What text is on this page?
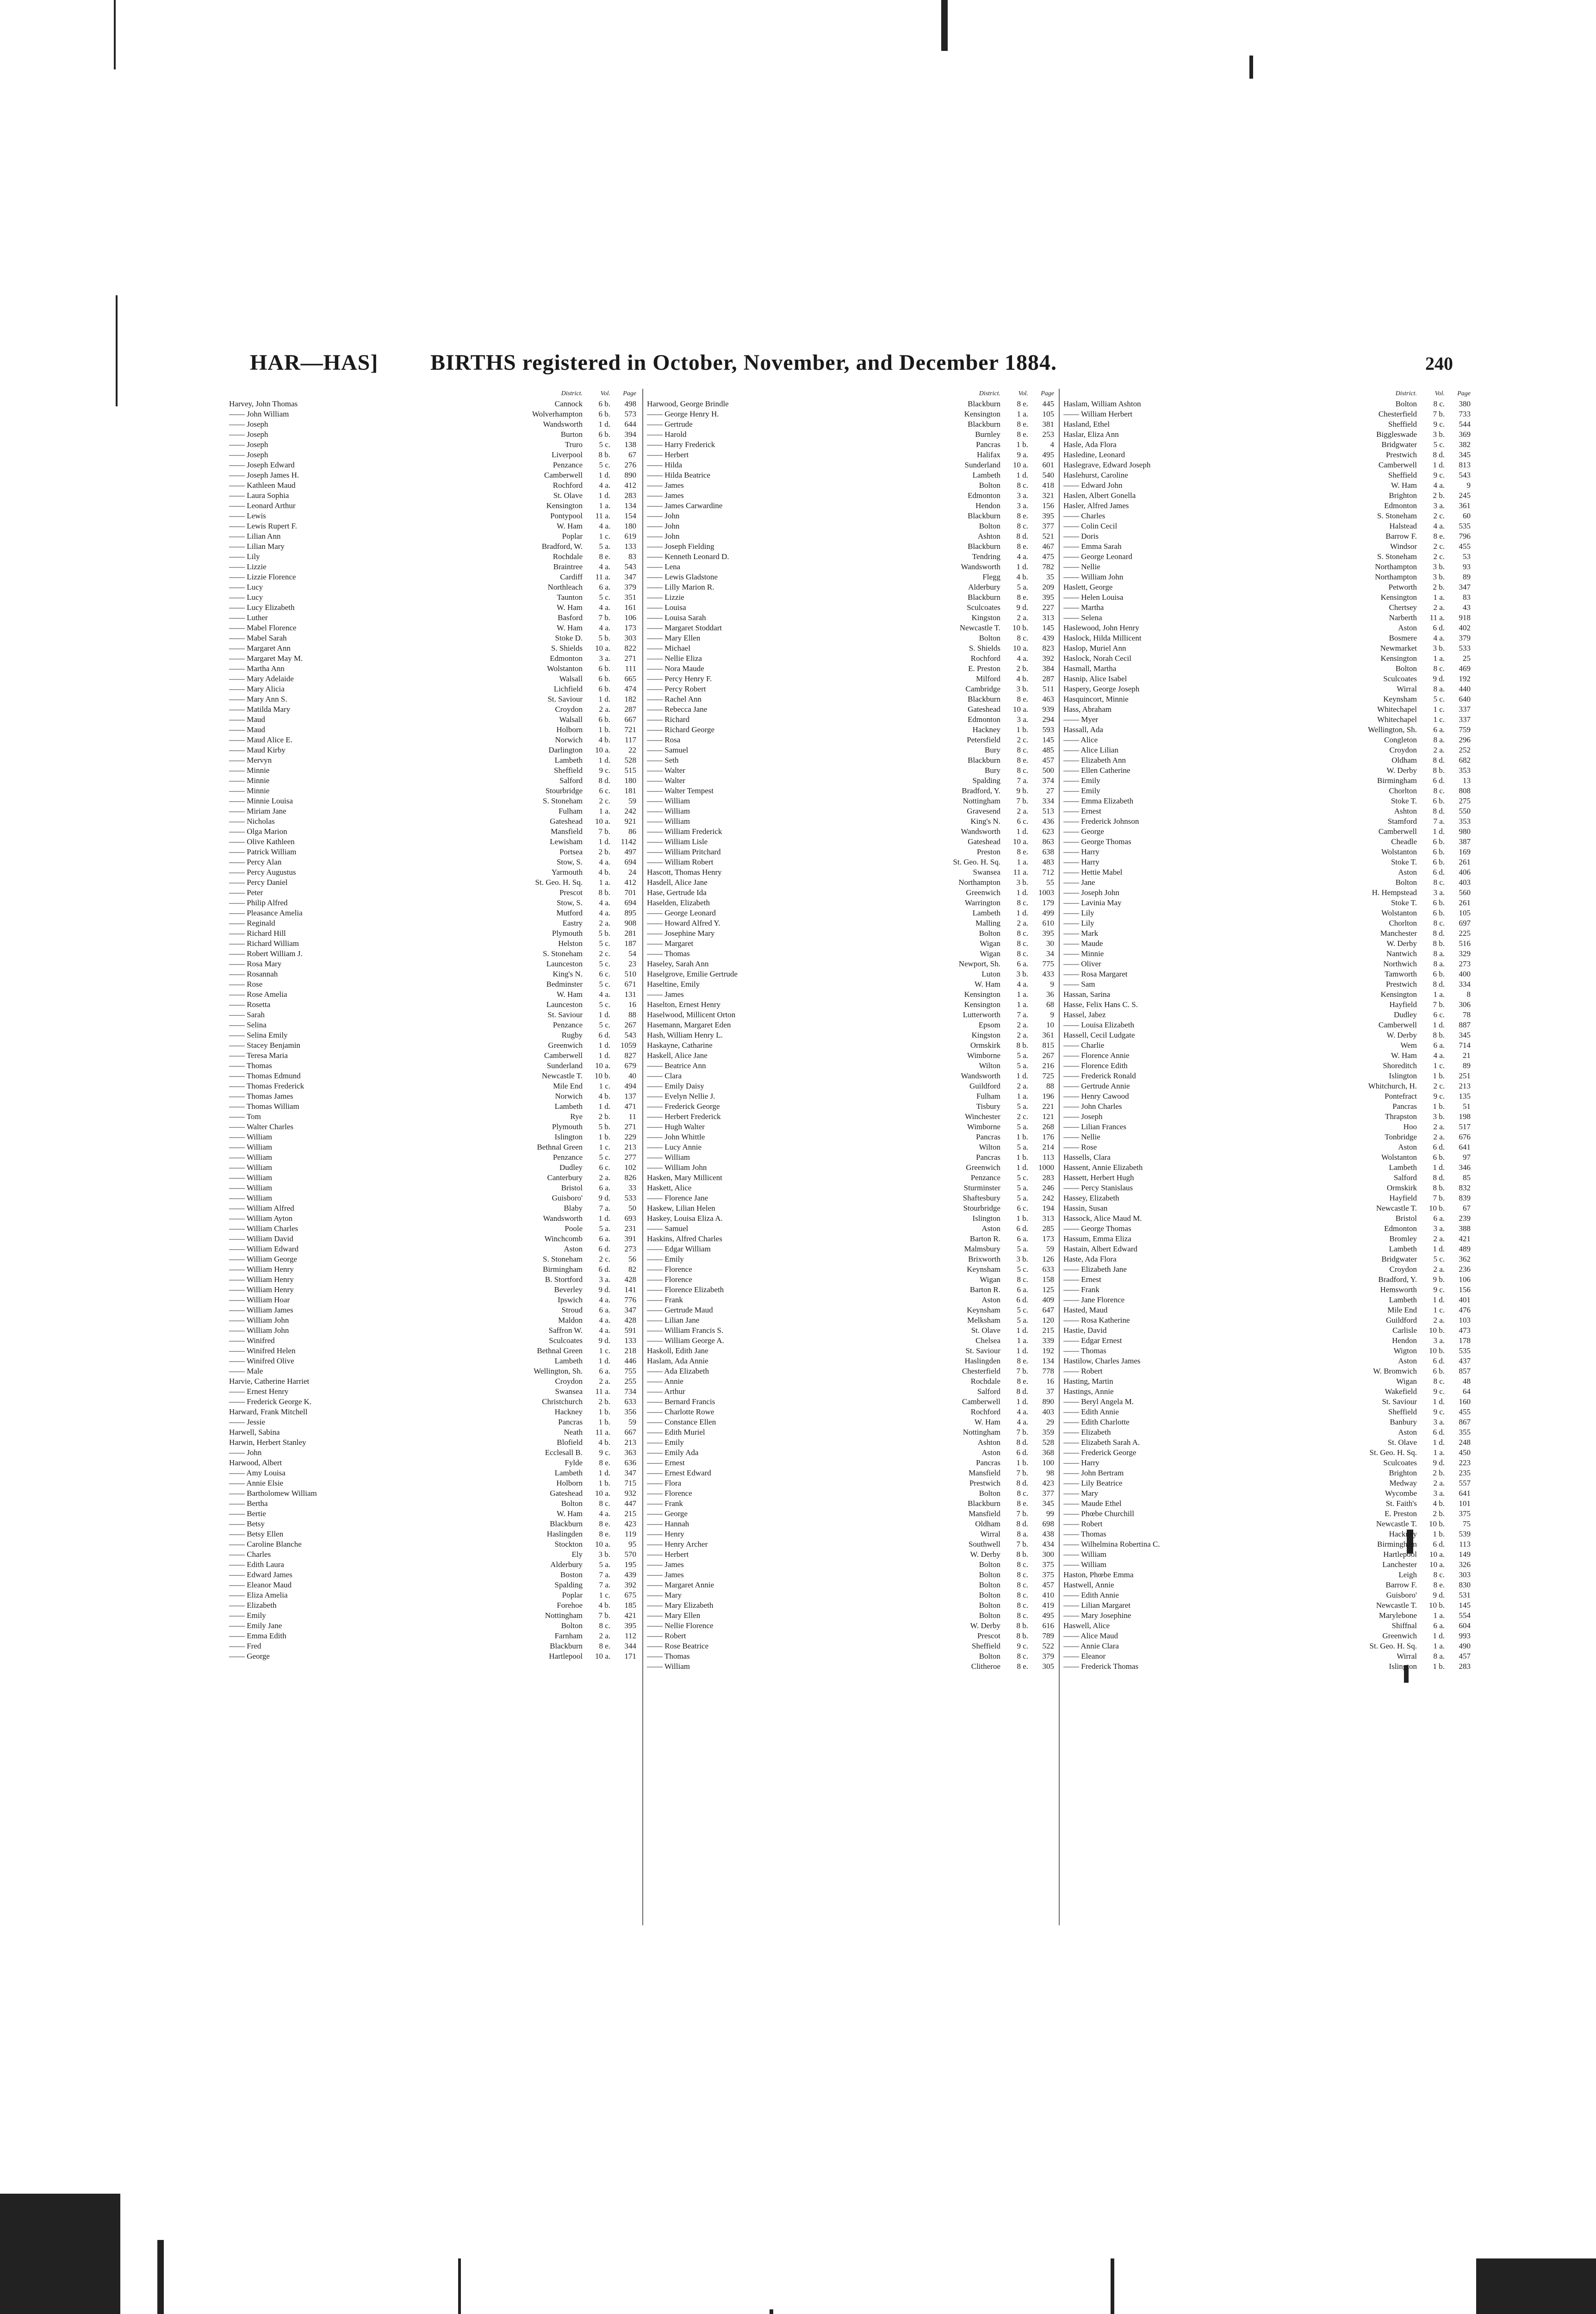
HAR—HAS] BIRTHS registered in October, November, and December 1884.	240
District.	Vol.	Page
Harvey, John Thomas	Cannock	6 b.	498
—— John William	Wolverhampton	6 b.	573
—— Joseph	Wandsworth	1 d.	644
—— Joseph	Burton	6 b.	394
—— Joseph	Truro	5 c.	138
—— Joseph	Liverpool	8 b.	67
—— Joseph Edward	Penzance	5 c.	276
—— Joseph James H.	Camberwell	1 d.	890
—— Kathleen Maud	Rochford	4 a.	412
—— Laura Sophia	St. Olave	1 d.	283
—— Leonard Arthur	Kensington	1 a.	134
—— Lewis	Pontypool	11 a.	154
—— Lewis Rupert F.	W. Ham	4 a.	180
—— Lilian Ann	Poplar	1 c.	619
—— Lilian Mary	Bradford, W.	5 a.	133
—— Lily	Rochdale	8 e.	83
—— Lizzie	Braintree	4 a.	543
—— Lizzie Florence	Cardiff	11 a.	347
—— Lucy	Northleach	6 a.	379
—— Lucy	Taunton	5 c.	351
—— Lucy Elizabeth	W. Ham	4 a.	161
—— Luther	Basford	7 b.	106
—— Mabel Florence	W. Ham	4 a.	173
—— Mabel Sarah	Stoke D.	5 b.	303
—— Margaret Ann	S. Shields	10 a.	822
—— Margaret May M.	Edmonton	3 a.	271
—— Martha Ann	Wolstanton	6 b.	111
—— Mary Adelaide	Walsall	6 b.	665
—— Mary Alicia	Lichfield	6 b.	474
—— Mary Ann S.	St. Saviour	1 d.	182
—— Matilda Mary	Croydon	2 a.	287
—— Maud	Walsall	6 b.	667
—— Maud	Holborn	1 b.	721
—— Maud Alice E.	Norwich	4 b.	117
—— Maud Kirby	Darlington	10 a.	22
—— Mervyn	Lambeth	1 d.	528
—— Minnie	Sheffield	9 c.	515
—— Minnie	Salford	8 d.	180
—— Minnie	Stourbridge	6 c.	181
—— Minnie Louisa	S. Stoneham	2 c.	59
—— Miriam Jane	Fulham	1 a.	242
—— Nicholas	Gateshead	10 a.	921
—— Olga Marion	Mansfield	7 b.	86
—— Olive Kathleen	Lewisham	1 d.	1142
—— Patrick William	Portsea	2 b.	497
—— Percy Alan	Stow, S.	4 a.	694
—— Percy Augustus	Yarmouth	4 b.	24
—— Percy Daniel	St. Geo. H. Sq.	1 a.	412
—— Peter	Prescot	8 b.	701
—— Philip Alfred	Stow, S.	4 a.	694
—— Pleasance Amelia	Mutford	4 a.	895
—— Reginald	Eastry	2 a.	908
—— Richard Hill	Plymouth	5 b.	281
—— Richard William	Helston	5 c.	187
—— Robert William J.	S. Stoneham	2 c.	54
—— Rosa Mary	Launceston	5 c.	23
—— Rosannah	King's N.	6 c.	510
—— Rose	Bedminster	5 c.	671
—— Rose Amelia	W. Ham	4 a.	131
—— Rosetta	Launceston	5 c.	16
—— Sarah	St. Saviour	1 d.	88
—— Selina	Penzance	5 c.	267
—— Selina Emily	Rugby	6 d.	543
—— Stacey Benjamin	Greenwich	1 d.	1059
—— Teresa Maria	Camberwell	1 d.	827
—— Thomas	Sunderland	10 a.	679
—— Thomas Edmund	Newcastle T.	10 b.	40
—— Thomas Frederick	Mile End	1 c.	494
—— Thomas James	Norwich	4 b.	137
—— Thomas William	Lambeth	1 d.	471
—— Tom	Rye	2 b.	11
—— Walter Charles	Plymouth	5 b.	271
—— William	Islington	1 b.	229
—— William	Bethnal Green	1 c.	213
—— William	Penzance	5 c.	277
—— William	Dudley	6 c.	102
—— William	Canterbury	2 a.	826
—— William	Bristol	6 a.	33
—— William	Guisboro'	9 d.	533
—— William Alfred	Blaby	7 a.	50
—— William Ayton	Wandsworth	1 d.	693
—— William Charles	Poole	5 a.	231
—— William David	Winchcomb	6 a.	391
—— William Edward	Aston	6 d.	273
—— William George	S. Stoneham	2 c.	56
—— William Henry	Birmingham	6 d.	82
—— William Henry	B. Stortford	3 a.	428
—— William Henry	Beverley	9 d.	141
—— William Hoar	Ipswich	4 a.	776
—— William James	Stroud	6 a.	347
—— William John	Maldon	4 a.	428
—— William John	Saffron W.	4 a.	591
—— Winifred	Sculcoates	9 d.	133
—— Winifred Helen	Bethnal Green	1 c.	218
—— Winifred Olive	Lambeth	1 d.	446
—— Male	Wellington, Sh.	6 a.	755
Harvie, Catherine Harriet	Croydon	2 a.	255
—— Ernest Henry	Swansea	11 a.	734
—— Frederick George K.	Christchurch	2 b.	633
Harward, Frank Mitchell	Hackney	1 b.	356
—— Jessie	Pancras	1 b.	59
Harwell, Sabina	Neath	11 a.	667
Harwin, Herbert Stanley	Blofield	4 b.	213
—— John	Ecclesall B.	9 c.	363
Harwood, Albert	Fylde	8 e.	636
—— Amy Louisa	Lambeth	1 d.	347
—— Annie Elsie	Holborn	1 b.	715
—— Bartholomew William	Gateshead	10 a.	932
—— Bertha	Bolton	8 c.	447
—— Bertie	W. Ham	4 a.	215
—— Betsy	Blackburn	8 e.	423
—— Betsy Ellen	Haslingden	8 e.	119
—— Caroline Blanche	Stockton	10 a.	95
—— Charles	Ely	3 b.	570
—— Edith Laura	Alderbury	5 a.	195
—— Edward James	Boston	7 a.	439
—— Eleanor Maud	Spalding	7 a.	392
—— Eliza Amelia	Poplar	1 c.	675
—— Elizabeth	Forehoe	4 b.	185
—— Emily	Nottingham	7 b.	421
—— Emily Jane	Bolton	8 c.	395
—— Emma Edith	Farnham	2 a.	112
—— Fred	Blackburn	8 e.	344
—— George	Hartlepool	10 a.	171
District.	Vol.	Page
Harwood, George Brindle	Blackburn	8 e.	445
—— George Henry H.	Kensington	1 a.	105
—— Gertrude	Blackburn	8 e.	381
—— Harold	Burnley	8 e.	253
—— Harry Frederick	Pancras	1 b.	4
—— Herbert	Halifax	9 a.	495
—— Hilda	Sunderland	10 a.	601
—— Hilda Beatrice	Lambeth	1 d.	540
—— James	Bolton	8 c.	418
—— James	Edmonton	3 a.	321
—— James Carwardine	Hendon	3 a.	156
—— John	Blackburn	8 e.	395
—— John	Bolton	8 c.	377
—— John	Ashton	8 d.	521
—— Joseph Fielding	Blackburn	8 e.	467
—— Kenneth Leonard D.	Tendring	4 a.	475
—— Lena	Wandsworth	1 d.	782
—— Lewis Gladstone	Flegg	4 b.	35
—— Lilly Marion R.	Alderbury	5 a.	209
—— Lizzie	Blackburn	8 e.	395
—— Louisa	Sculcoates	9 d.	227
—— Louisa Sarah	Kingston	2 a.	313
—— Margaret Stoddart	Newcastle T.	10 b.	145
—— Mary Ellen	Bolton	8 c.	439
—— Michael	S. Shields	10 a.	823
—— Nellie Eliza	Rochford	4 a.	392
—— Nora Maude	E. Preston	2 b.	384
—— Percy Henry F.	Milford	4 b.	287
—— Percy Robert	Cambridge	3 b.	511
—— Rachel Ann	Blackburn	8 e.	463
—— Rebecca Jane	Gateshead	10 a.	939
—— Richard	Edmonton	3 a.	294
—— Richard George	Hackney	1 b.	593
—— Rosa	Petersfield	2 c.	145
—— Samuel	Bury	8 c.	485
—— Seth	Blackburn	8 e.	457
—— Walter	Bury	8 c.	500
—— Walter	Spalding	7 a.	374
—— Walter Tempest	Bradford, Y.	9 b.	27
—— William	Nottingham	7 b.	334
—— William	Gravesend	2 a.	513
—— William	King's N.	6 c.	436
—— William Frederick	Wandsworth	1 d.	623
—— William Lisle	Gateshead	10 a.	863
—— William Pritchard	Preston	8 e.	638
—— William Robert	St. Geo. H. Sq.	1 a.	483
Hascott, Thomas Henry	Swansea	11 a.	712
Hasdell, Alice Jane	Northampton	3 b.	55
Hase, Gertrude Ida	Greenwich	1 d.	1003
Haselden, Elizabeth	Warrington	8 c.	179
—— George Leonard	Lambeth	1 d.	499
—— Howard Alfred Y.	Malling	2 a.	610
—— Josephine Mary	Bolton	8 c.	395
—— Margaret	Wigan	8 c.	30
—— Thomas	Wigan	8 c.	34
Haseley, Sarah Ann	Newport, Sh.	6 a.	775
Haselgrove, Emilie Gertrude	Luton	3 b.	433
Haseltine, Emily	W. Ham	4 a.	9
—— James	Kensington	1 a.	36
Haselton, Ernest Henry	Kensington	1 a.	68
Haselwood, Millicent Orton	Lutterworth	7 a.	9
Hasemann, Margaret Eden	Epsom	2 a.	10
Hash, William Henry L.	Kingston	2 a.	361
Haskayne, Catharine	Ormskirk	8 b.	815
Haskell, Alice Jane	Wimborne	5 a.	267
—— Beatrice Ann	Wilton	5 a.	216
—— Clara	Wandsworth	1 d.	725
—— Emily Daisy	Guildford	2 a.	88
—— Evelyn Nellie J.	Fulham	1 a.	196
—— Frederick George	Tisbury	5 a.	221
—— Herbert Frederick	Winchester	2 c.	121
—— Hugh Walter	Wimborne	5 a.	268
—— John Whittle	Pancras	1 b.	176
—— Lucy Annie	Wilton	5 a.	214
—— William	Pancras	1 b.	113
—— William John	Greenwich	1 d.	1000
Hasken, Mary Millicent	Penzance	5 c.	283
Haskett, Alice	Sturminster	5 a.	246
—— Florence Jane	Shaftesbury	5 a.	242
Haskew, Lilian Helen	Stourbridge	6 c.	194
Haskey, Louisa Eliza A.	Islington	1 b.	313
—— Samuel	Aston	6 d.	285
Haskins, Alfred Charles	Barton R.	6 a.	173
—— Edgar William	Malmsbury	5 a.	59
—— Emily	Brixworth	3 b.	126
—— Florence	Keynsham	5 c.	633
—— Florence	Wigan	8 c.	158
—— Florence Elizabeth	Barton R.	6 a.	125
—— Frank	Aston	6 d.	409
—— Gertrude Maud	Keynsham	5 c.	647
—— Lilian Jane	Melksham	5 a.	120
—— William Francis S.	St. Olave	1 d.	215
—— William George A.	Chelsea	1 a.	339
Haskoll, Edith Jane	St. Saviour	1 d.	192
Haslam, Ada Annie	Haslingden	8 e.	134
—— Ada Elizabeth	Chesterfield	7 b.	778
—— Annie	Rochdale	8 e.	16
—— Arthur	Salford	8 d.	37
—— Bernard Francis	Camberwell	1 d.	890
—— Charlotte Rowe	Rochford	4 a.	403
—— Constance Ellen	W. Ham	4 a.	29
—— Edith Muriel	Nottingham	7 b.	359
—— Emily	Ashton	8 d.	528
—— Emily Ada	Aston	6 d.	368
—— Ernest	Pancras	1 b.	100
—— Ernest Edward	Mansfield	7 b.	98
—— Flora	Prestwich	8 d.	423
—— Florence	Bolton	8 c.	377
—— Frank	Blackburn	8 e.	345
—— George	Mansfield	7 b.	99
—— Hannah	Oldham	8 d.	698
—— Henry	Wirral	8 a.	438
—— Henry Archer	Southwell	7 b.	434
—— Herbert	W. Derby	8 b.	300
—— James	Bolton	8 c.	375
—— James	Bolton	8 c.	375
—— Margaret Annie	Bolton	8 c.	457
—— Mary	Bolton	8 c.	410
—— Mary Elizabeth	Bolton	8 c.	419
—— Mary Ellen	Bolton	8 c.	495
—— Nellie Florence	W. Derby	8 b.	616
—— Robert	Prescot	8 b.	789
—— Rose Beatrice	Sheffield	9 c.	522
—— Thomas	Bolton	8 c.	379
—— William	Clitheroe	8 e.	305
District.	Vol.	Page
Haslam, William Ashton	Bolton	8 c.	380
—— William Herbert	Chesterfield	7 b.	733
Hasland, Ethel	Sheffield	9 c.	544
Haslar, Eliza Ann	Biggleswade	3 b.	369
Hasle, Ada Flora	Bridgwater	5 c.	382
Hasledine, Leonard	Prestwich	8 d.	345
Haslegrave, Edward Joseph	Camberwell	1 d.	813
Haslehurst, Caroline	Sheffield	9 c.	543
—— Edward John	W. Ham	4 a.	9
Haslen, Albert Gonella	Brighton	2 b.	245
Hasler, Alfred James	Edmonton	3 a.	361
—— Charles	S. Stoneham	2 c.	60
—— Colin Cecil	Halstead	4 a.	535
—— Doris	Barrow F.	8 e.	796
—— Emma Sarah	Windsor	2 c.	455
—— George Leonard	S. Stoneham	2 c.	53
—— Nellie	Northampton	3 b.	93
—— William John	Northampton	3 b.	89
Haslett, George	Petworth	2 b.	347
—— Helen Louisa	Kensington	1 a.	83
—— Martha	Chertsey	2 a.	43
—— Selena	Narberth	11 a.	918
Haslewood, John Henry	Aston	6 d.	402
Haslock, Hilda Millicent	Bosmere	4 a.	379
Haslop, Muriel Ann	Newmarket	3 b.	533
Haslock, Norah Cecil	Kensington	1 a.	25
Hasmall, Martha	Bolton	8 c.	469
Hasnip, Alice Isabel	Sculcoates	9 d.	192
Haspery, George Joseph	Wirral	8 a.	440
Hasquincort, Minnie	Keynsham	5 c.	640
Hass, Abraham	Whitechapel	1 c.	337
—— Myer	Whitechapel	1 c.	337
Hassall, Ada	Wellington, Sh.	6 a.	759
—— Alice	Congleton	8 a.	296
—— Alice Lilian	Croydon	2 a.	252
—— Elizabeth Ann	Oldham	8 d.	682
—— Ellen Catherine	W. Derby	8 b.	353
—— Emily	Birmingham	6 d.	13
—— Emily	Chorlton	8 c.	808
—— Emma Elizabeth	Stoke T.	6 b.	275
—— Ernest	Ashton	8 d.	550
—— Frederick Johnson	Stamford	7 a.	353
—— George	Camberwell	1 d.	980
—— George Thomas	Cheadle	6 b.	387
—— Harry	Wolstanton	6 b.	169
—— Harry	Stoke T.	6 b.	261
—— Hettie Mabel	Aston	6 d.	406
—— Jane	Bolton	8 c.	403
—— Joseph John	H. Hempstead	3 a.	560
—— Lavinia May	Stoke T.	6 b.	261
—— Lily	Wolstanton	6 b.	105
—— Lily	Chorlton	8 c.	697
—— Mark	Manchester	8 d.	225
—— Maude	W. Derby	8 b.	516
—— Minnie	Nantwich	8 a.	329
—— Oliver	Northwich	8 a.	273
—— Rosa Margaret	Tamworth	6 b.	400
—— Sam	Prestwich	8 d.	334
Hassan, Sarina	Kensington	1 a.	8
Hasse, Felix Hans C. S.	Hayfield	7 b.	306
Hassel, Jabez	Dudley	6 c.	78
—— Louisa Elizabeth	Camberwell	1 d.	887
Hassell, Cecil Ludgate	W. Derby	8 b.	345
—— Charlie	Wem	6 a.	714
—— Florence Annie	W. Ham	4 a.	21
—— Florence Edith	Shoreditch	1 c.	89
—— Frederick Ronald	Islington	1 b.	251
—— Gertrude Annie	Whitchurch, H.	2 c.	213
—— Henry Cawood	Pontefract	9 c.	135
—— John Charles	Pancras	1 b.	51
—— Joseph	Thrapston	3 b.	198
—— Lilian Frances	Hoo	2 a.	517
—— Nellie	Tonbridge	2 a.	676
—— Rose	Aston	6 d.	641
Hassells, Clara	Wolstanton	6 b.	97
Hassent, Annie Elizabeth	Lambeth	1 d.	346
Hassett, Herbert Hugh	Salford	8 d.	85
—— Percy Stanislaus	Ormskirk	8 b.	832
Hassey, Elizabeth	Hayfield	7 b.	839
Hassin, Susan	Newcastle T.	10 b.	67
Hassock, Alice Maud M.	Bristol	6 a.	239
—— George Thomas	Edmonton	3 a.	388
Hassum, Emma Eliza	Bromley	2 a.	421
Hastain, Albert Edward	Lambeth	1 d.	489
Haste, Ada Flora	Bridgwater	5 c.	362
—— Elizabeth Jane	Croydon	2 a.	236
—— Ernest	Bradford, Y.	9 b.	106
—— Frank	Hemsworth	9 c.	156
—— Jane Florence	Lambeth	1 d.	401
Hasted, Maud	Mile End	1 c.	476
—— Rosa Katherine	Guildford	2 a.	103
Hastie, David	Carlisle	10 b.	473
—— Edgar Ernest	Hendon	3 a.	178
—— Thomas	Wigton	10 b.	535
Hastilow, Charles James	Aston	6 d.	437
—— Robert	W. Bromwich	6 b.	857
Hasting, Martin	Wigan	8 c.	48
Hastings, Annie	Wakefield	9 c.	64
—— Beryl Angela M.	St. Saviour	1 d.	160
—— Edith Annie	Sheffield	9 c.	455
—— Edith Charlotte	Banbury	3 a.	867
—— Elizabeth	Aston	6 d.	355
—— Elizabeth Sarah A.	St. Olave	1 d.	248
—— Frederick George	St. Geo. H. Sq.	1 a.	450
—— Harry	Sculcoates	9 d.	223
—— John Bertram	Brighton	2 b.	235
—— Lily Beatrice	Medway	2 a.	557
—— Mary	Wycombe	3 a.	641
—— Maude Ethel	St. Faith's	4 b.	101
—— Phœbe Churchill	E. Preston	2 b.	375
—— Robert	Newcastle T.	10 b.	75
—— Thomas	Hackney	1 b.	539
—— Wilhelmina Robertina C.	Birmingham	6 d.	113
—— William	Hartlepool	10 a.	149
—— William	Lanchester	10 a.	326
Haston, Phœbe Emma	Leigh	8 c.	303
Hastwell, Annie	Barrow F.	8 e.	830
—— Edith Annie	Guisboro'	9 d.	531
—— Lilian Margaret	Newcastle T.	10 b.	145
—— Mary Josephine	Marylebone	1 a.	554
Haswell, Alice	Shiffnal	6 a.	604
—— Alice Maud	Greenwich	1 d.	993
—— Annie Clara	St. Geo. H. Sq.	1 a.	490
—— Eleanor	Wirral	8 a.	457
—— Frederick Thomas	Islington	1 b.	283
